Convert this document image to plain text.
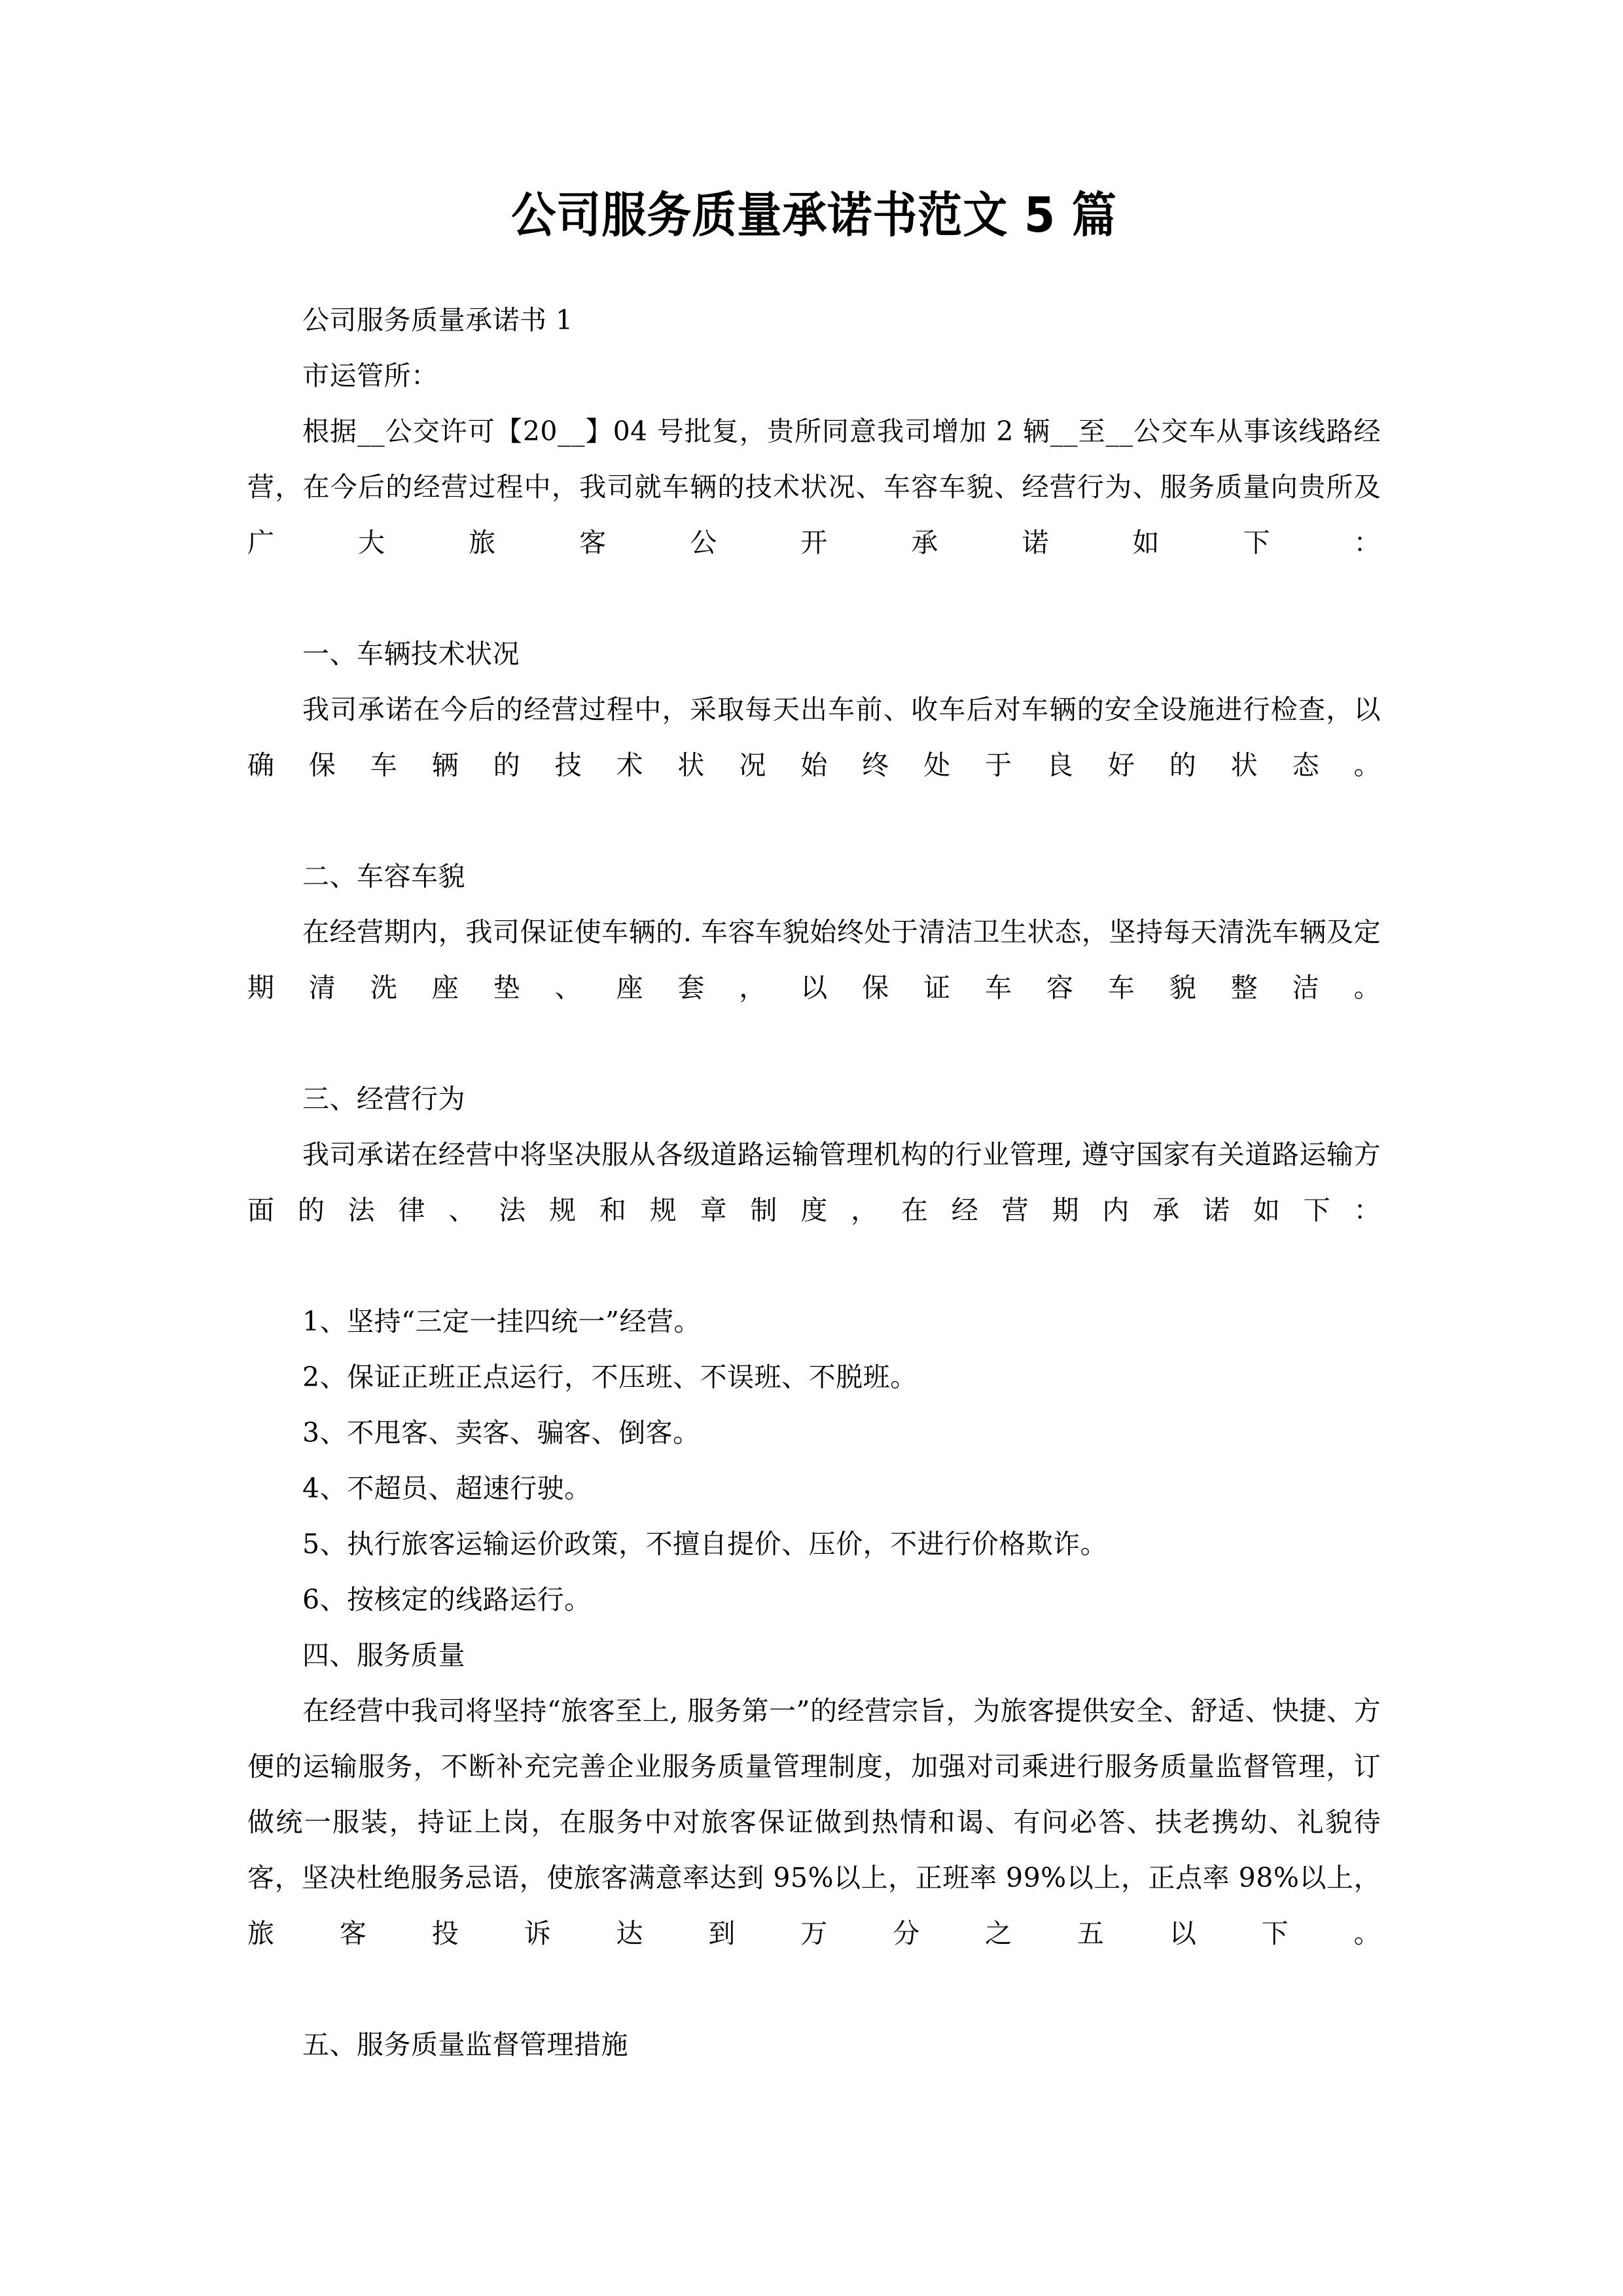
公司服务质量承诺书范文 5 篇

公司服务质量承诺书 1

市运管所：

根据__公交许可【20__】04 号批复，贵所同意我司增加 2 辆__至__公交车从事该线路经营，在今后的经营过程中，我司就车辆的技术状况、车容车貌、经营行为、服务质量向贵所及广大旅客公开承诺如下：

一、车辆技术状况

我司承诺在今后的经营过程中，采取每天出车前、收车后对车辆的安全设施进行检查，以确保车辆的技术状况始终处于良好的状态。

二、车容车貌

在经营期内，我司保证使车辆的. 车容车貌始终处于清洁卫生状态，坚持每天清洗车辆及定期清洗座垫、座套，以保证车容车貌整洁。

三、经营行为

我司承诺在经营中将坚决服从各级道路运输管理机构的行业管理, 遵守国家有关道路运输方面的法律、法规和规章制度，在经营期内承诺如下：

1、坚持“三定一挂四统一”经营。

2、保证正班正点运行，不压班、不误班、不脱班。

3、不甩客、卖客、骗客、倒客。

4、不超员、超速行驶。

5、执行旅客运输运价政策，不擅自提价、压价，不进行价格欺诈。

6、按核定的线路运行。

四、服务质量

在经营中我司将坚持“旅客至上, 服务第一”的经营宗旨，为旅客提供安全、舒适、快捷、方便的运输服务，不断补充完善企业服务质量管理制度，加强对司乘进行服务质量监督管理，订做统一服装，持证上岗，在服务中对旅客保证做到热情和谒、有问必答、扶老携幼、礼貌待客，坚决杜绝服务忌语，使旅客满意率达到 95%以上，正班率 99%以上，正点率 98%以上，旅客投诉达到万分之五以下。

五、服务质量监督管理措施
